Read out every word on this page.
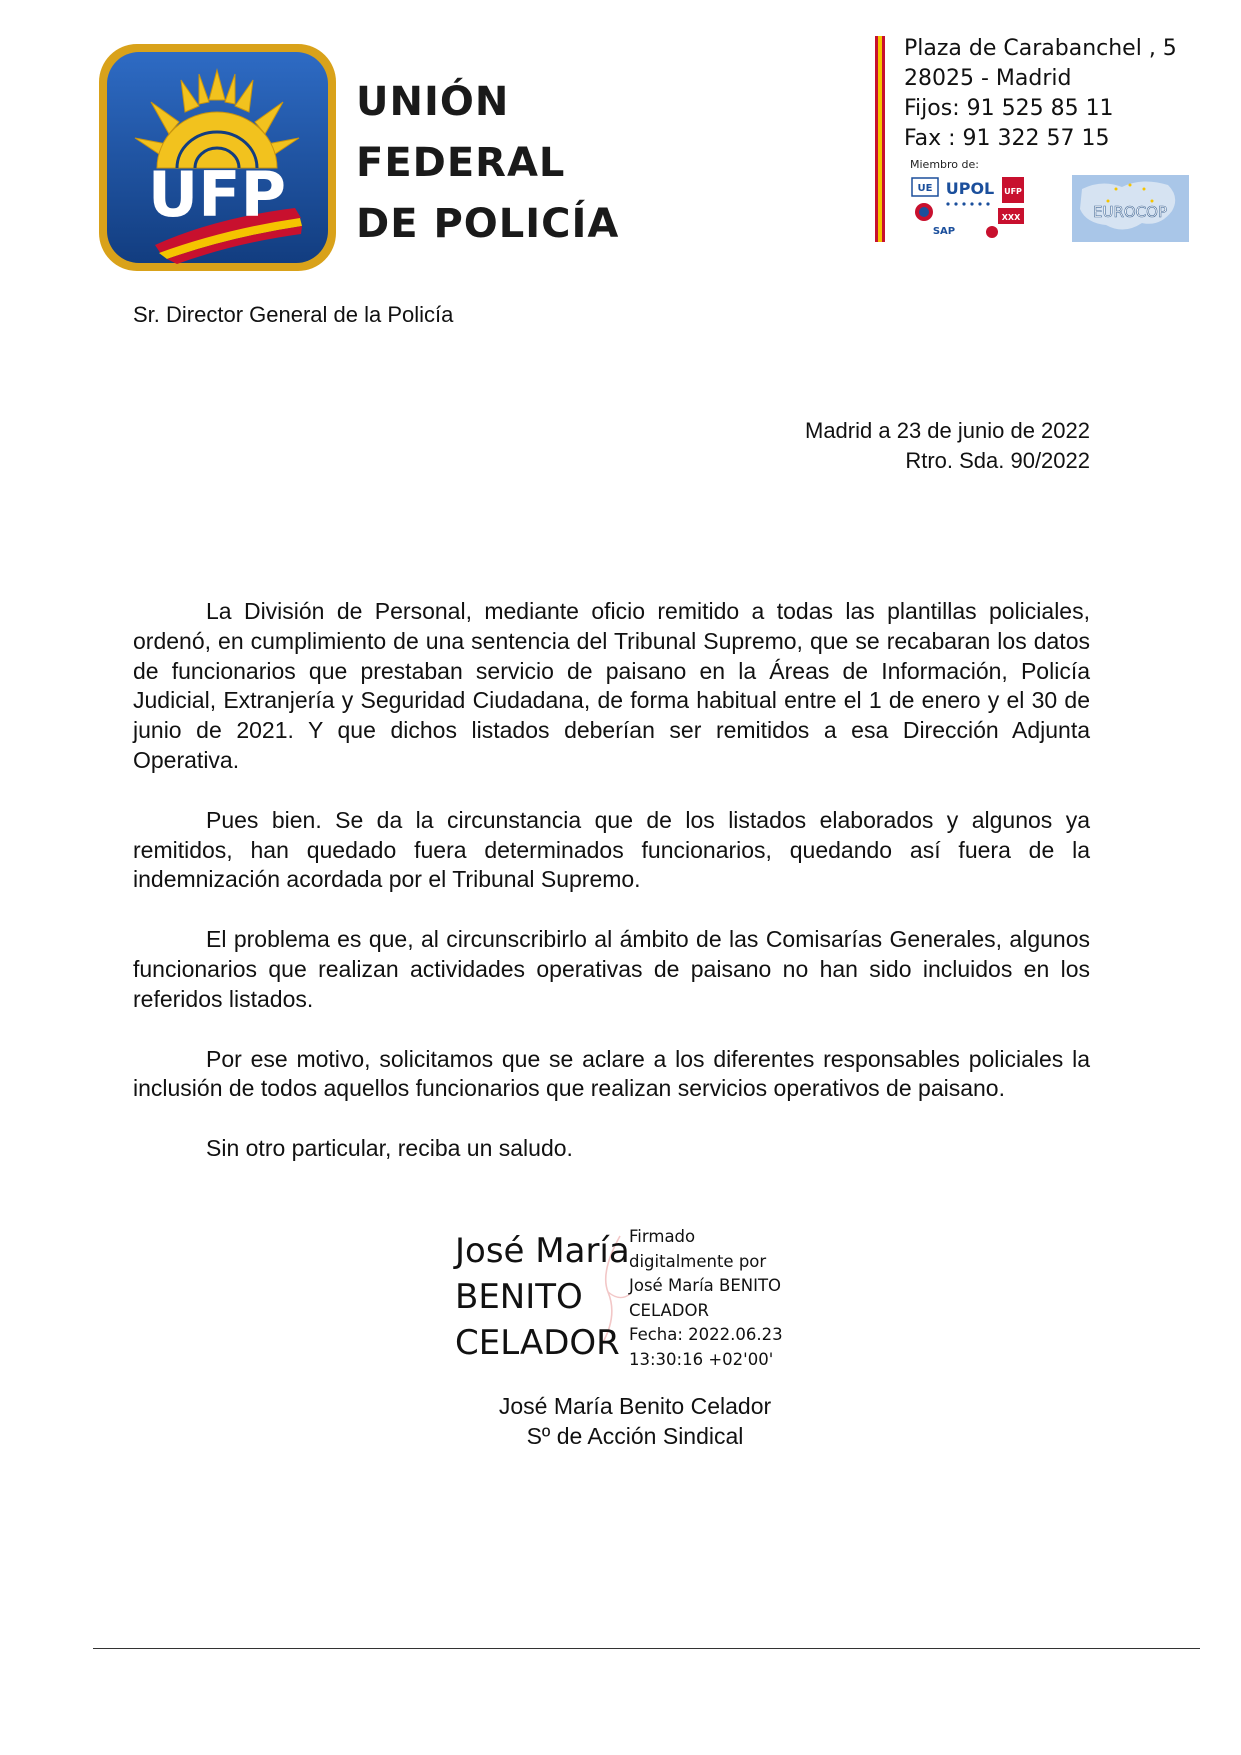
UFP
UNIÓN
FEDERAL
DE POLICÍA
Plaza de Carabanchel , 5
28025 - Madrid
Fijos: 91 525 85 11
Fax : 91 322 57 15
Miembro de:
UE UPOL UFP
XXX
SAP
EUROCOP
Sr. Director General de la Policía
Madrid a 23 de junio de 2022
Rtro. Sda. 90/2022

La División de Personal, mediante oficio remitido a todas las plantillas policiales, ordenó, en cumplimiento de una sentencia del Tribunal Supremo, que se recabaran los datos de funcionarios que prestaban servicio de paisano en la Áreas de Información, Policía Judicial, Extranjería y Seguridad Ciudadana, de forma habitual entre el 1 de enero y el 30 de junio de 2021. Y que dichos listados deberían ser remitidos a esa Dirección Adjunta Operativa.

Pues bien. Se da la circunstancia que de los listados elaborados y algunos ya remitidos, han quedado fuera determinados funcionarios, quedando así fuera de la indemnización acordada por el Tribunal Supremo.

El problema es que, al circunscribirlo al ámbito de las Comisarías Generales, algunos funcionarios que realizan actividades operativas de paisano no han sido incluidos en los referidos listados.

Por ese motivo, solicitamos que se aclare a los diferentes responsables policiales la inclusión de todos aquellos funcionarios que realizan servicios operativos de paisano.

Sin otro particular, reciba un saludo.

José María
BENITO
CELADOR
Firmado
digitalmente por
José María BENITO
CELADOR
Fecha: 2022.06.23
13:30:16 +02'00'
José María Benito Celador
Sº de Acción Sindical
